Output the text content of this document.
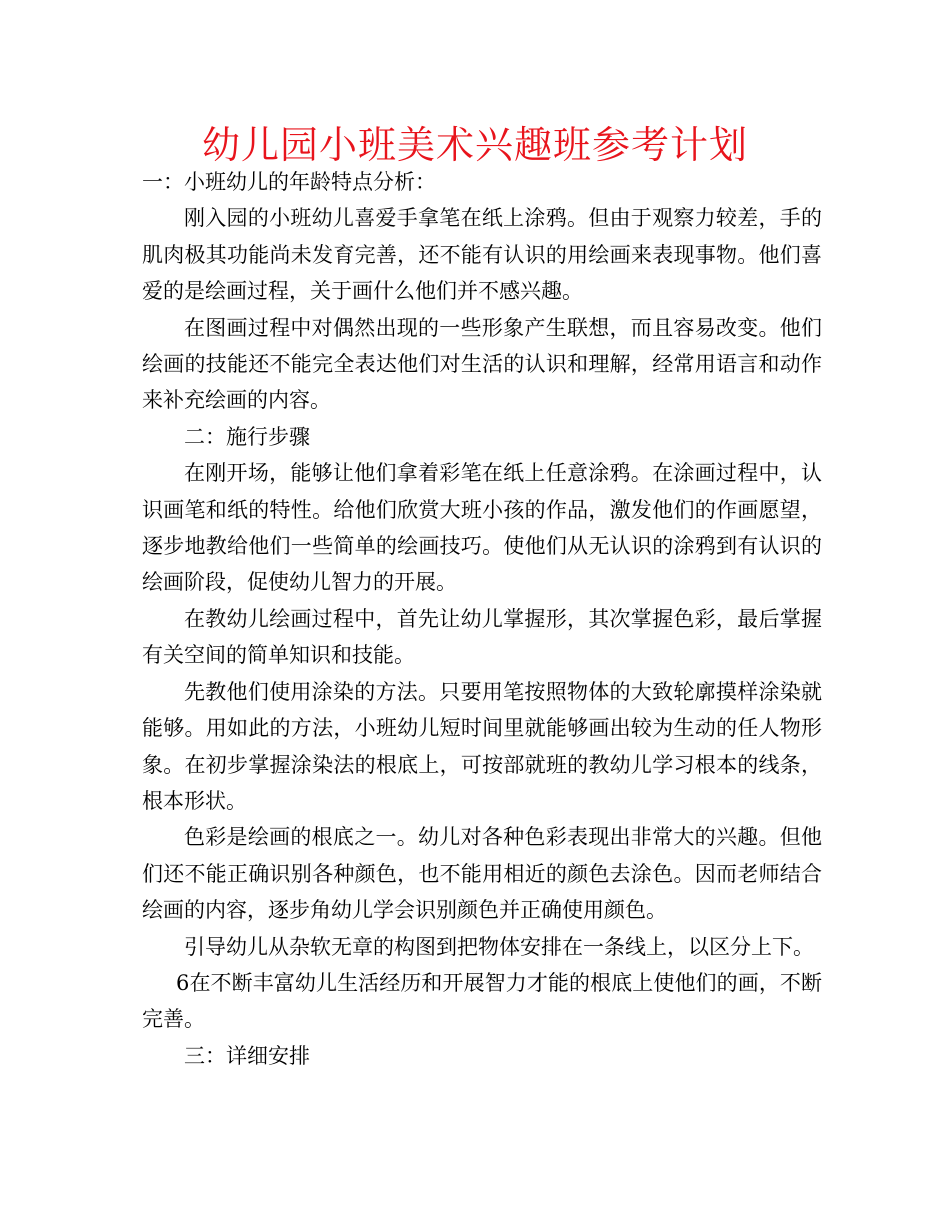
幼儿园小班美术兴趣班参考计划

一：小班幼儿的年龄特点分析：

刚入园的小班幼儿喜爱手拿笔在纸上涂鸦。但由于观察力较差，手的肌肉极其功能尚未发育完善，还不能有认识的用绘画来表现事物。他们喜爱的是绘画过程，关于画什么他们并不感兴趣。

在图画过程中对偶然出现的一些形象产生联想，而且容易改变。他们绘画的技能还不能完全表达他们对生活的认识和理解，经常用语言和动作来补充绘画的内容。

二：施行步骤

在刚开场，能够让他们拿着彩笔在纸上任意涂鸦。在涂画过程中，认识画笔和纸的特性。给他们欣赏大班小孩的作品，激发他们的作画愿望，逐步地教给他们一些简单的绘画技巧。使他们从无认识的涂鸦到有认识的绘画阶段，促使幼儿智力的开展。

在教幼儿绘画过程中，首先让幼儿掌握形，其次掌握色彩，最后掌握有关空间的简单知识和技能。

先教他们使用涂染的方法。只要用笔按照物体的大致轮廓摸样涂染就能够。用如此的方法，小班幼儿短时间里就能够画出较为生动的任人物形象。在初步掌握涂染法的根底上，可按部就班的教幼儿学习根本的线条，根本形状。

色彩是绘画的根底之一。幼儿对各种色彩表现出非常大的兴趣。但他们还不能正确识别各种颜色，也不能用相近的颜色去涂色。因而老师结合绘画的内容，逐步角幼儿学会识别颜色并正确使用颜色。

引导幼儿从杂软无章的构图到把物体安排在一条线上，以区分上下。

6在不断丰富幼儿生活经历和开展智力才能的根底上使他们的画，不断完善。

三：详细安排
